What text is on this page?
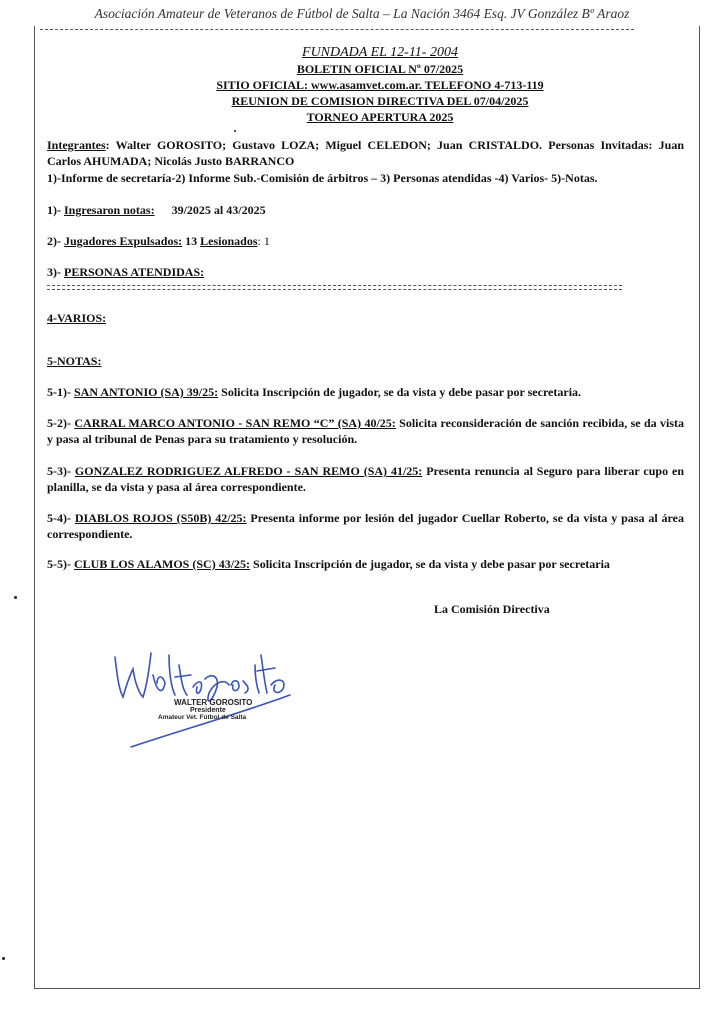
Asociación Amateur de Veteranos de Fútbol de Salta – La Nación 3464 Esq. JV González Bº Araoz
FUNDADA EL 12-11- 2004
BOLETIN OFICIAL Nº 07/2025
SITIO OFICIAL: www.asamvet.com.ar. TELEFONO 4-713-119
REUNION DE COMISION DIRECTIVA DEL 07/04/2025
TORNEO APERTURA 2025
Integrantes: Walter GOROSITO; Gustavo LOZA; Miguel CELEDON; Juan CRISTALDO. Personas Invitadas: Juan Carlos AHUMADA; Nicolás Justo BARRANCO
1)-Informe de secretaría-2) Informe Sub.-Comisión de árbitros – 3) Personas atendidas -4) Varios- 5)-Notas.
1)- Ingresaron notas: 39/2025 al 43/2025
2)- Jugadores Expulsados: 13 Lesionados: 1
3)- PERSONAS ATENDIDAS:
4-VARIOS:
5-NOTAS:
5-1)- SAN ANTONIO (SA) 39/25: Solicita Inscripción de jugador, se da vista y debe pasar por secretaria.
5-2)- CARRAL MARCO ANTONIO - SAN REMO “C” (SA) 40/25: Solicita reconsideración de sanción recibida, se da vista y pasa al tribunal de Penas para su tratamiento y resolución.
5-3)- GONZALEZ RODRIGUEZ ALFREDO - SAN REMO (SA) 41/25: Presenta renuncia al Seguro para liberar cupo en planilla, se da vista y pasa al área correspondiente.
5-4)- DIABLOS ROJOS (S50B) 42/25: Presenta informe por lesión del jugador Cuellar Roberto, se da vista y pasa al área correspondiente.
5-5)- CLUB LOS ALAMOS (SC) 43/25: Solicita Inscripción de jugador, se da vista y debe pasar por secretaria
La Comisión Directiva
WalterGorosito
WALTER GOROSITO
Presidente
Amateur Vet. Fútbol de Salta
